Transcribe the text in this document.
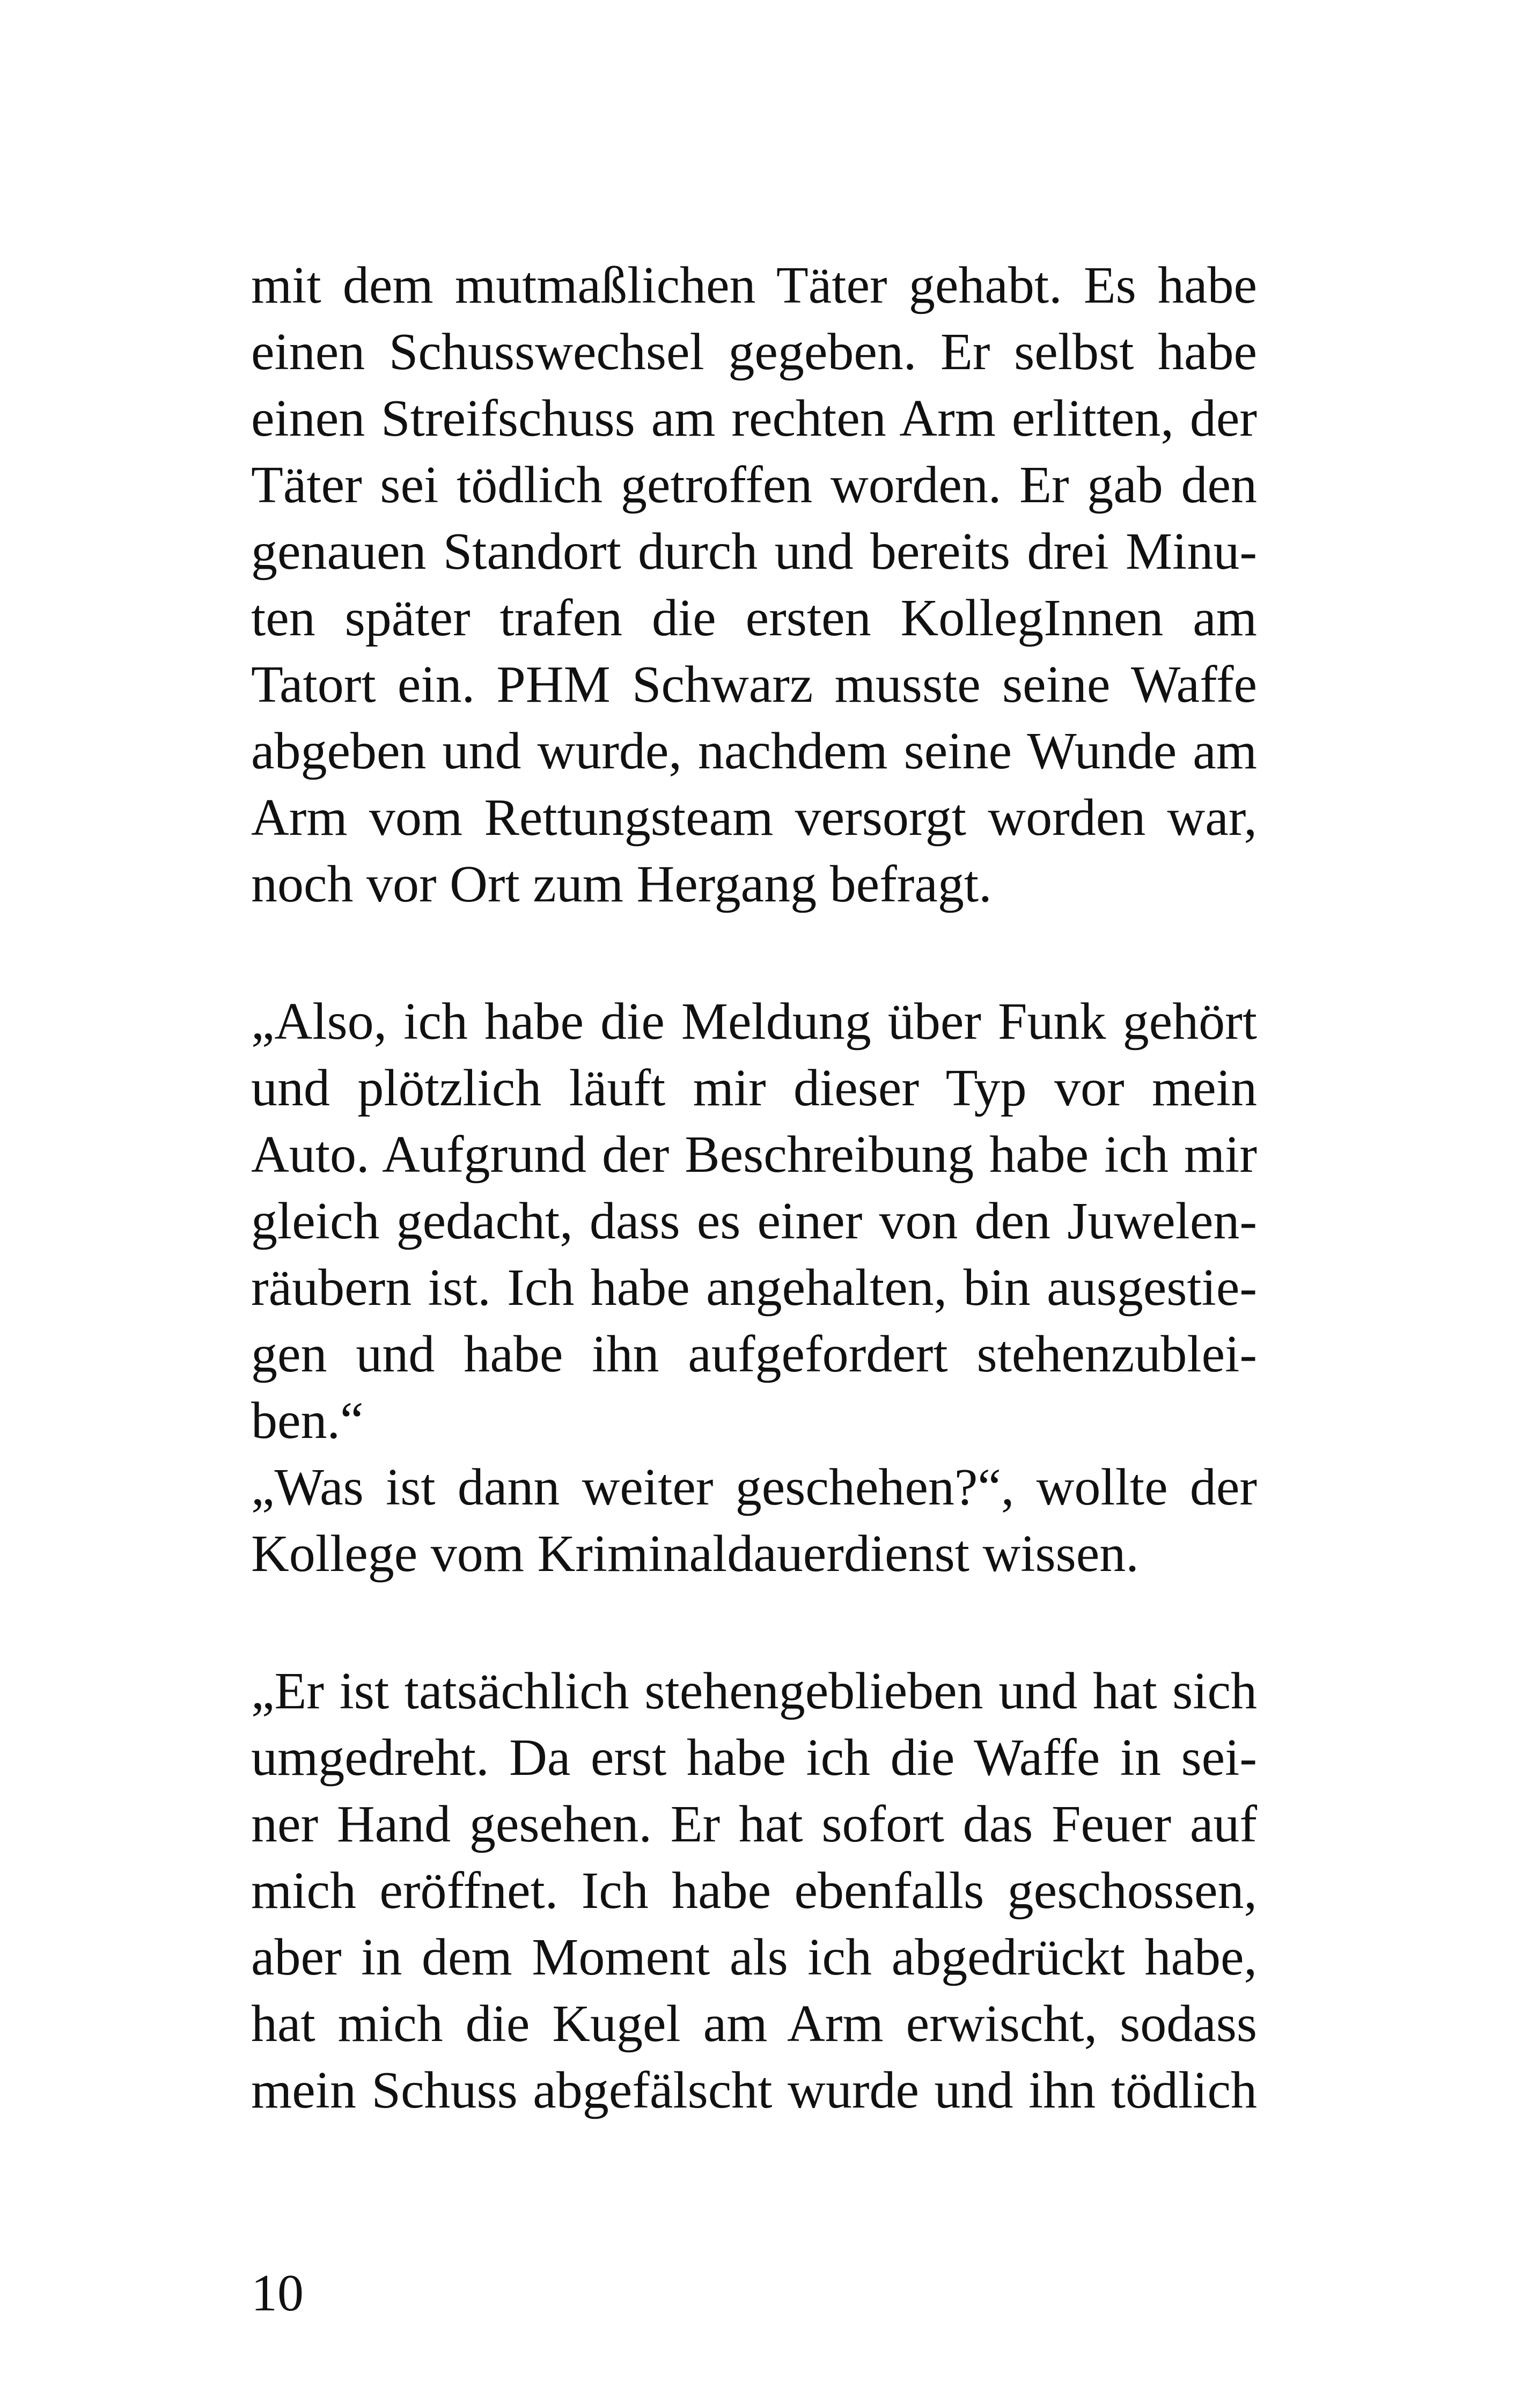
mit dem mutmaßlichen Täter gehabt. Es habe
einen Schusswechsel gegeben. Er selbst habe
einen Streifschuss am rechten Arm erlitten, der
Täter sei tödlich getroffen worden. Er gab den
genauen Standort durch und bereits drei Minu-
ten später trafen die ersten KollegInnen am
Tatort ein. PHM Schwarz musste seine Waffe
abgeben und wurde, nachdem seine Wunde am
Arm vom Rettungsteam versorgt worden war,
noch vor Ort zum Hergang befragt.
„Also, ich habe die Meldung über Funk gehört
und plötzlich läuft mir dieser Typ vor mein
Auto. Aufgrund der Beschreibung habe ich mir
gleich gedacht, dass es einer von den Juwelen-
räubern ist. Ich habe angehalten, bin ausgestie-
gen und habe ihn aufgefordert stehenzublei-
ben.“
„Was ist dann weiter geschehen?“, wollte der
Kollege vom Kriminaldauerdienst wissen.
„Er ist tatsächlich stehengeblieben und hat sich
umgedreht. Da erst habe ich die Waffe in sei-
ner Hand gesehen. Er hat sofort das Feuer auf
mich eröffnet. Ich habe ebenfalls geschossen,
aber in dem Moment als ich abgedrückt habe,
hat mich die Kugel am Arm erwischt, sodass
mein Schuss abgefälscht wurde und ihn tödlich
10
